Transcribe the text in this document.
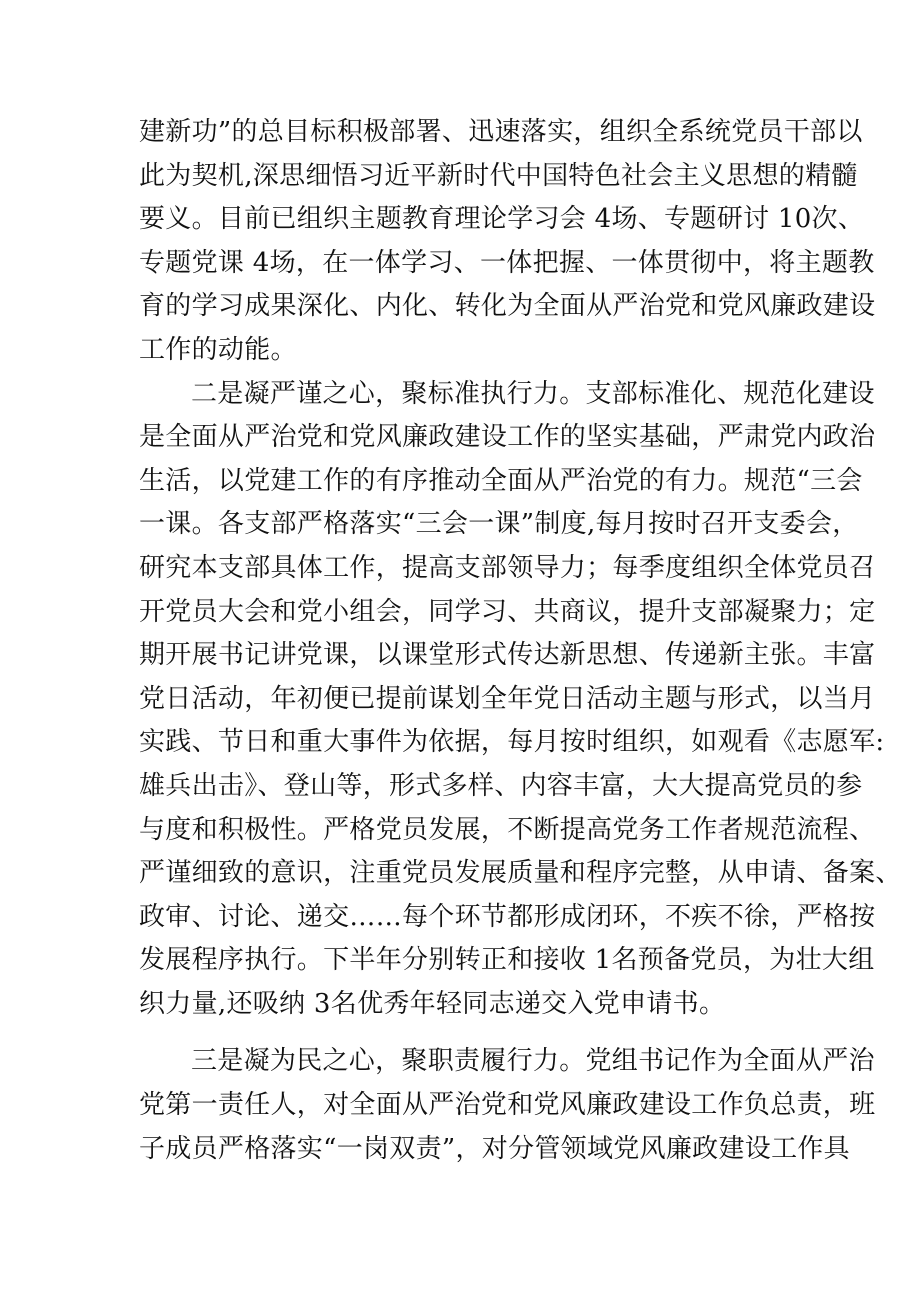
建新功”的总目标积极部署、迅速落实，组织全系统党员干部以
此为契机,深思细悟习近平新时代中国特色社会主义思想的精髓
要义。目前已组织主题教育理论学习会 4场、专题研讨 10次、
专题党课 4场，在一体学习、一体把握、一体贯彻中，将主题教
育的学习成果深化、内化、转化为全面从严治党和党风廉政建设
工作的动能。
二是凝严谨之心，聚标准执行力。支部标准化、规范化建设
是全面从严治党和党风廉政建设工作的坚实基础，严肃党内政治
生活，以党建工作的有序推动全面从严治党的有力。规范“三会
一课。各支部严格落实“三会一课”制度,每月按时召开支委会，
研究本支部具体工作，提高支部领导力；每季度组织全体党员召
开党员大会和党小组会，同学习、共商议，提升支部凝聚力；定
期开展书记讲党课，以课堂形式传达新思想、传递新主张。丰富
党日活动，年初便已提前谋划全年党日活动主题与形式，以当月
实践、节日和重大事件为依据，每月按时组织，如观看《志愿军:
雄兵出击》、登山等，形式多样、内容丰富，大大提高党员的参
与度和积极性。严格党员发展，不断提高党务工作者规范流程、
严谨细致的意识，注重党员发展质量和程序完整，从申请、备案、
政审、讨论、递交……每个环节都形成闭环，不疾不徐，严格按
发展程序执行。下半年分别转正和接收 1名预备党员，为壮大组
织力量,还吸纳 3名优秀年轻同志递交入党申请书。
三是凝为民之心，聚职责履行力。党组书记作为全面从严治
党第一责任人，对全面从严治党和党风廉政建设工作负总责，班
子成员严格落实“一岗双责”，对分管领域党风廉政建设工作具
